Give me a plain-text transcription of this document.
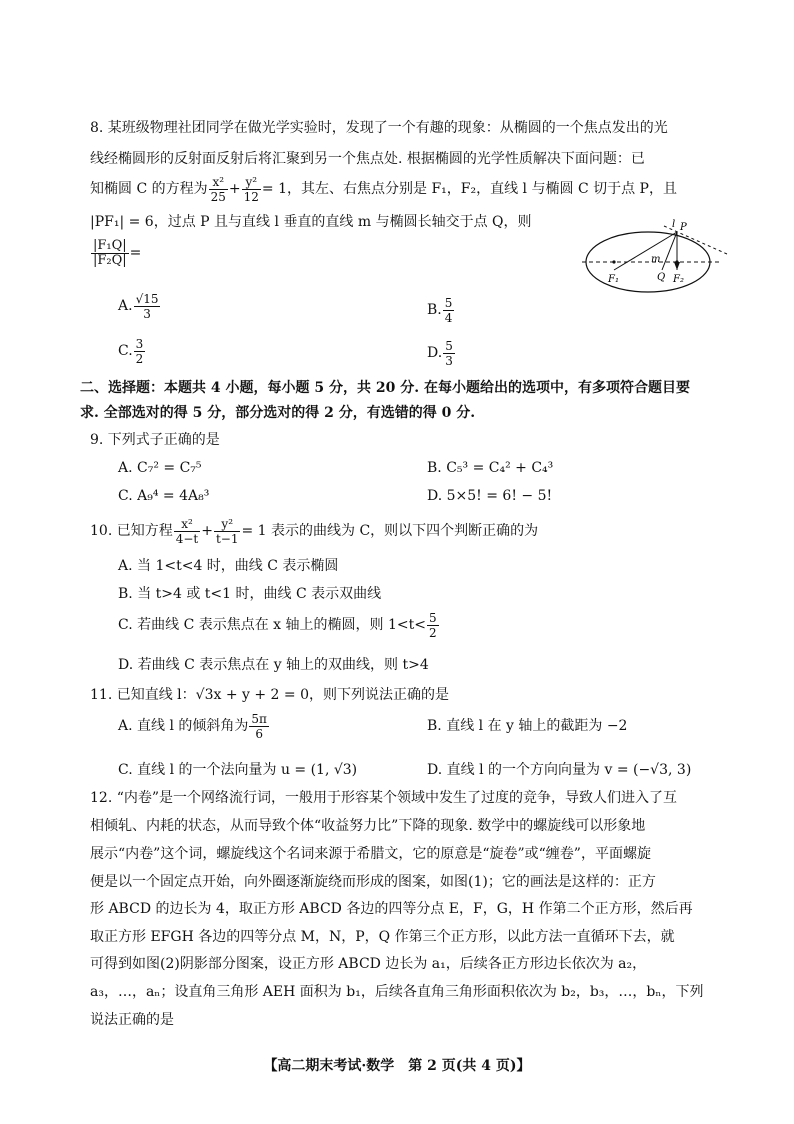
8. 某班级物理社团同学在做光学实验时，发现了一个有趣的现象：从椭圆的一个焦点发出的光
线经椭圆形的反射面反射后将汇聚到另一个焦点处. 根据椭圆的光学性质解决下面问题：已
知椭圆 C 的方程为 $\frac{\text{x²}}{25} + \frac{\text{y²}}{12} = 1$，其左、右焦点分别是 F₁，F₂，直线 l 与椭圆 C 切于点 P，且
|PF₁| = 6，过点 P 且与直线 l 垂直的直线 m 与椭圆长轴交于点 Q，则
$\frac{\text{|F₁Q|}}{\text{|F₂Q|}}$ =
l P
m
Q
F₁	F₂
A. $\frac{√15}{3}$	B. $\frac{5}{4}$
C. $\frac{3}{2}$	D. $\frac{5}{3}$
二、选择题：本题共 4 小题，每小题 5 分，共 20 分. 在每小题给出的选项中，有多项符合题目要
求. 全部选对的得 5 分，部分选对的得 2 分，有选错的得 0 分.
9. 下列式子正确的是
A. C₇² = C₇⁵	B. C₅³ = C₄² + C₄³
C. A₉⁴ = 4A₈³	D. 5×5! = 6! − 5!
10. 已知方程 $\frac{\text{x²}}{4-t} + \frac{\text{y²}}{t-1} = 1$ 表示的曲线为 C，则以下四个判断正确的为
A. 当 1<t<4 时，曲线 C 表示椭圆
B. 当 t>4 或 t<1 时，曲线 C 表示双曲线
C. 若曲线 C 表示焦点在 x 轴上的椭圆，则 $1<t< \frac{5}{2}$
D. 若曲线 C 表示焦点在 y 轴上的双曲线，则 t>4
11. 已知直线 l：√3x + y + 2 = 0，则下列说法正确的是
A. 直线 l 的倾斜角为 $\frac{5\pi}{6}$	B. 直线 l 在 y 轴上的截距为 −2
C. 直线 l 的一个法向量为 u = (1, √3)	D. 直线 l 的一个方向向量为 v = (−√3, 3)
12. “内卷”是一个网络流行词，一般用于形容某个领域中发生了过度的竞争，导致人们进入了互
相倾轧、内耗的状态，从而导致个体“收益努力比”下降的现象. 数学中的螺旋线可以形象地
展示“内卷”这个词，螺旋线这个名词来源于希腊文，它的原意是“旋卷”或“缠卷”，平面螺旋
便是以一个固定点开始，向外圈逐渐旋绕而形成的图案，如图(1)；它的画法是这样的：正方
形 ABCD 的边长为 4，取正方形 ABCD 各边的四等分点 E，F，G，H 作第二个正方形，然后再
取正方形 EFGH 各边的四等分点 M，N，P，Q 作第三个正方形，以此方法一直循环下去，就
可得到如图(2)阴影部分图案，设正方形 ABCD 边长为 a₁，后续各正方形边长依次为 a₂，
a₃，…，aₙ；设直角三角形 AEH 面积为 b₁，后续各直角三角形面积依次为 b₂，b₃，…，bₙ，下列
说法正确的是
【高二期末考试·数学　第 2 页(共 4 页)】
